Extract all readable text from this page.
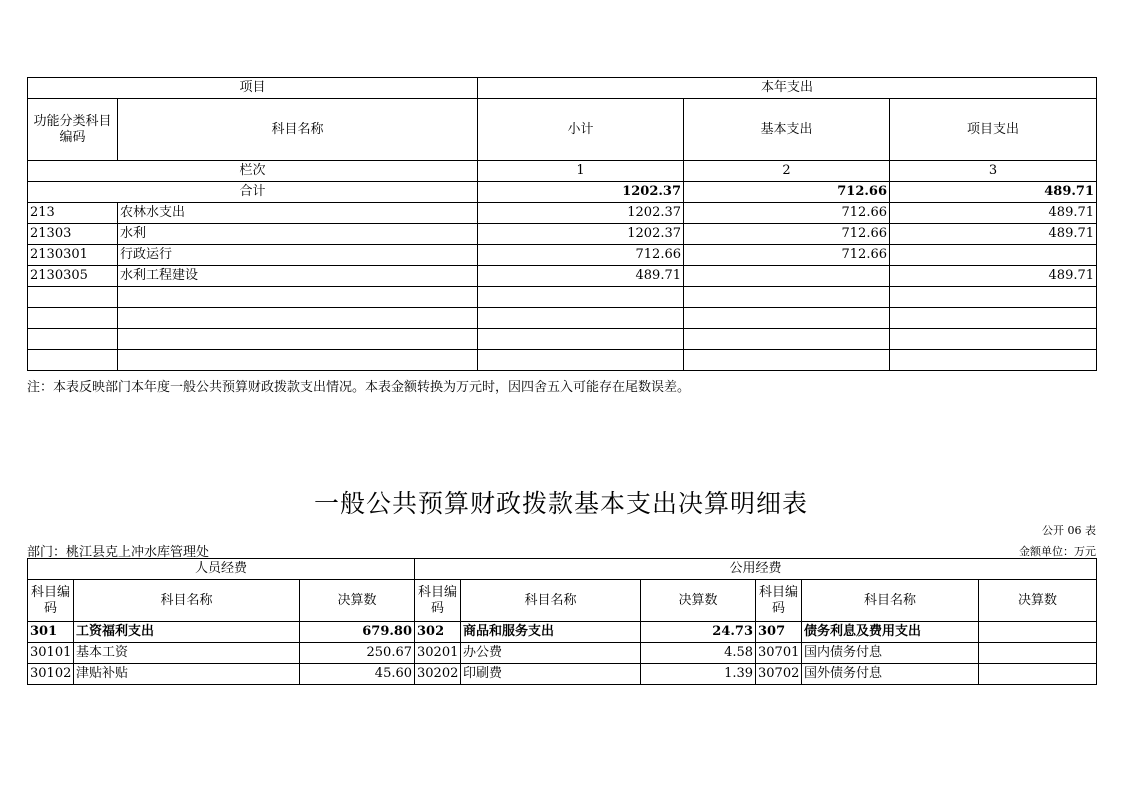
项目		本年支出		
功能分类科目编码	科目名称	小计	基本支出	项目支出
栏次		1	2	3
合计		1202.37	712.66	489.71
213	农林水支出	1202.37	712.66	489.71
21303	水利	1202.37	712.66	489.71
2130301	行政运行	712.66	712.66	
2130305	水利工程建设	489.71		489.71

注：本表反映部门本年度一般公共预算财政拨款支出情况。本表金额转换为万元时，因四舍五入可能存在尾数误差。
一般公共预算财政拨款基本支出决算明细表
公开 06 表
部门：桃江县克上冲水库管理处	金额单位：万元
人员经费			公用经费					
科目编码	科目名称	决算数	科目编码	科目名称	决算数	科目编码	科目名称	决算数
301	工资福利支出	679.80	302	商品和服务支出	24.73	307	债务利息及费用支出	
30101	基本工资	250.67	30201	办公费	4.58	30701	国内债务付息	
30102	津贴补贴	45.60	30202	印刷费	1.39	30702	国外债务付息	
